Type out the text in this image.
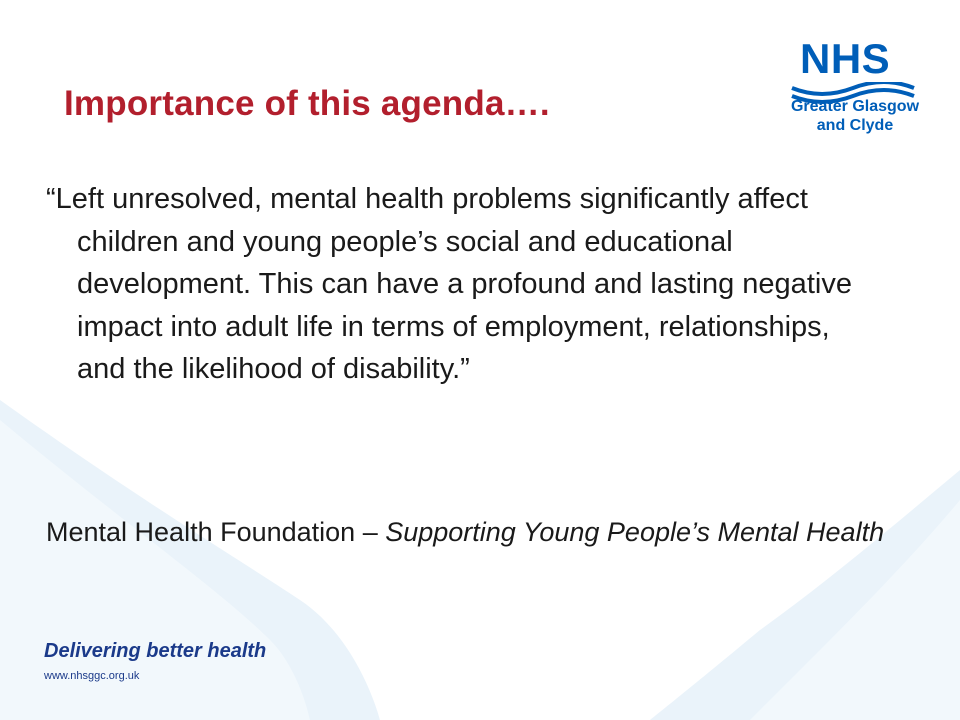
NHS
Greater Glasgow
and Clyde
Importance of this agenda….

“Left unresolved, mental health problems significantly affect children and young people’s social and educational development. This can have a profound and lasting negative impact into adult life in terms of employment, relationships, and the likelihood of disability.”

Mental Health Foundation – Supporting Young People’s Mental Health

Delivering better health
www.nhsggc.org.uk
